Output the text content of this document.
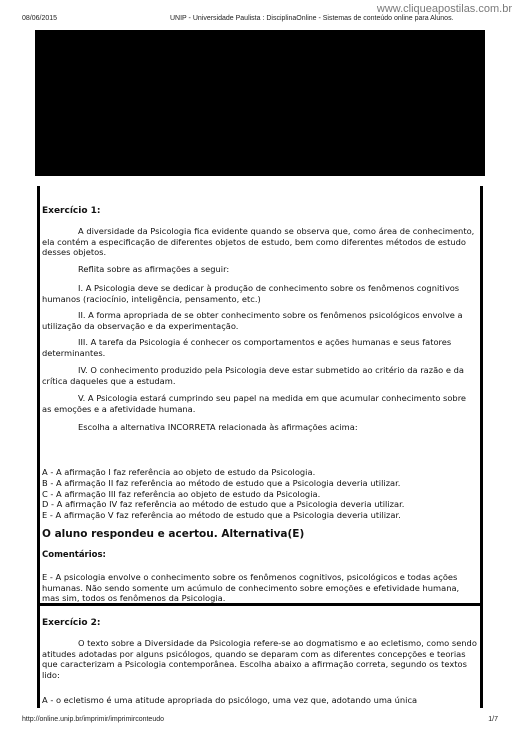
www.cliqueapostilas.com.br
08/06/2015	UNIP - Universidade Paulista : DisciplinaOnline - Sistemas de conteúdo online para Alunos.
Exercício 1:
A diversidade da Psicologia fica evidente quando se observa que, como área de conhecimento, ela contém a especificação de diferentes objetos de estudo, bem como diferentes métodos de estudo desses objetos.
Reflita sobre as afirmações a seguir:
I. A Psicologia deve se dedicar à produção de conhecimento sobre os fenômenos cognitivos humanos (raciocínio, inteligência, pensamento, etc.)
II. A forma apropriada de se obter conhecimento sobre os fenômenos psicológicos envolve a utilização da observação e da experimentação.
III. A tarefa da Psicologia é conhecer os comportamentos e ações humanas e seus fatores determinantes.
IV. O conhecimento produzido pela Psicologia deve estar submetido ao critério da razão e da crítica daqueles que a estudam.
V. A Psicologia estará cumprindo seu papel na medida em que acumular conhecimento sobre as emoções e a afetividade humana.
Escolha a alternativa INCORRETA relacionada às afirmações acima:
A - A afirmação I faz referência ao objeto de estudo da Psicologia.
B - A afirmação II faz referência ao método de estudo que a Psicologia deveria utilizar.
C - A afirmação III faz referência ao objeto de estudo da Psicologia.
D - A afirmação IV faz referência ao método de estudo que a Psicologia deveria utilizar.
E - A afirmação V faz referência ao método de estudo que a Psicologia deveria utilizar.
O aluno respondeu e acertou. Alternativa(E)
Comentários:
E - A psicologia envolve o conhecimento sobre os fenômenos cognitivos, psicológicos e todas ações humanas. Não sendo somente um acúmulo de conhecimento sobre emoções e efetividade humana, mas sim, todos os fenômenos da Psicologia.
Exercício 2:
O texto sobre a Diversidade da Psicologia refere-se ao dogmatismo e ao ecletismo, como sendo atitudes adotadas por alguns psicólogos, quando se deparam com as diferentes concepções e teorias que caracterizam a Psicologia contemporânea. Escolha abaixo a afirmação correta, segundo os textos lido:
A - o ecletismo é uma atitude apropriada do psicólogo, uma vez que, adotando uma única
http://online.unip.br/imprimir/imprimirconteudo	1/7
